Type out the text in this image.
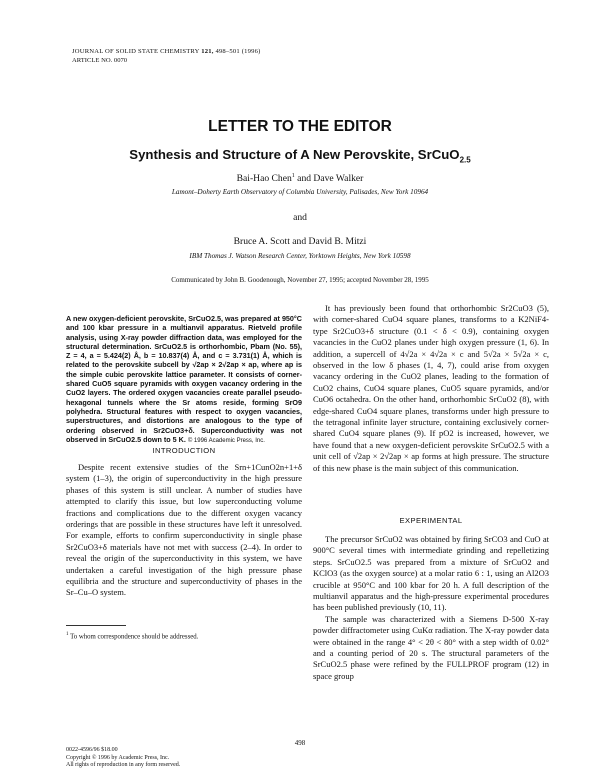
JOURNAL OF SOLID STATE CHEMISTRY 121, 498–501 (1996)
ARTICLE NO. 0070
LETTER TO THE EDITOR
Synthesis and Structure of A New Perovskite, SrCuO$_{2.5}$
Bai-Hao Chen$^1$ and Dave Walker
Lamont–Doherty Earth Observatory of Columbia University, Palisades, New York 10964
and
Bruce A. Scott and David B. Mitzi
IBM Thomas J. Watson Research Center, Yorktown Heights, New York 10598
Communicated by John B. Goodenough, November 27, 1995; accepted November 28, 1995
A new oxygen-deficient perovskite, SrCuO2.5, was prepared at 950°C and 100 kbar pressure in a multianvil apparatus. Rietveld profile analysis, using X-ray powder diffraction data, was employed for the structural determination. SrCuO2.5 is orthorhombic, Pbam (No. 55), Z = 4, a = 5.424(2) Å, b = 10.837(4) Å, and c = 3.731(1) Å, which is related to the perovskite subcell by √2ap × 2√2ap × ap, where ap is the simple cubic perovskite lattice parameter. It consists of corner-shared CuO5 square pyramids with oxygen vacancy ordering in the CuO2 layers. The ordered oxygen vacancies create parallel pseudo-hexagonal tunnels where the Sr atoms reside, forming SrO9 polyhedra. Structural features with respect to oxygen vacancies, superstructures, and distortions are analogous to the type of ordering observed in Sr2CuO3+δ. Superconductivity was not observed in SrCuO2.5 down to 5 K. © 1996 Academic Press, Inc.
INTRODUCTION

Despite recent extensive studies of the Srn+1CunO2n+1+δ system (1–3), the origin of superconductivity in the high pressure phases of this system is still unclear. A number of studies have attempted to clarify this issue, but low superconducting volume fractions and complications due to the different oxygen vacancy orderings that are possible in these structures have left it unresolved. For example, efforts to confirm superconductivity in single phase Sr2CuO3+δ materials have not met with success (2–4). In order to reveal the origin of the superconductivity in this system, we have undertaken a careful investigation of the high pressure phase equilibria and the structure and superconductivity of phases in the Sr–Cu–O system.

It has previously been found that orthorhombic Sr2CuO3 (5), with corner-shared CuO4 square planes, transforms to a K2NiF4-type Sr2CuO3+δ structure (0.1 < δ < 0.9), containing oxygen vacancies in the CuO2 planes under high oxygen pressure (1, 6). In addition, a supercell of 4√2a × 4√2a × c and 5√2a × 5√2a × c, observed in the low δ phases (1, 4, 7), could arise from oxygen vacancy ordering in the CuO2 planes, leading to the formation of CuO2 chains, CuO4 square planes, CuO5 square pyramids, and/or CuO6 octahedra. On the other hand, orthorhombic SrCuO2 (8), with edge-shared CuO4 square planes, transforms under high pressure to the tetragonal infinite layer structure, containing exclusively corner-shared CuO4 square planes (9). If pO2 is increased, however, we have found that a new oxygen-deficient perovskite SrCuO2.5 with a unit cell of √2ap × 2√2ap × ap forms at high pressure. The structure of this new phase is the main subject of this communication.

EXPERIMENTAL

The precursor SrCuO2 was obtained by firing SrCO3 and CuO at 900°C several times with intermediate grinding and repelletizing steps. SrCuO2.5 was prepared from a mixture of SrCuO2 and KClO3 (as the oxygen source) at a molar ratio 6 : 1, using an Al2O3 crucible at 950°C and 100 kbar for 20 h. A full description of the multianvil apparatus and the high-pressure experimental procedures has been published previously (10, 11).

The sample was characterized with a Siemens D-500 X-ray powder diffractometer using CuKα radiation. The X-ray powder data were obtained in the range 4° < 2θ < 80° with a step width of 0.02° and a counting period of 20 s. The structural parameters of the SrCuO2.5 phase were refined by the FULLPROF program (12) in space group

$^1$ To whom correspondence should be addressed.
498
0022-4596/96 $18.00
Copyright © 1996 by Academic Press, Inc.
All rights of reproduction in any form reserved.
